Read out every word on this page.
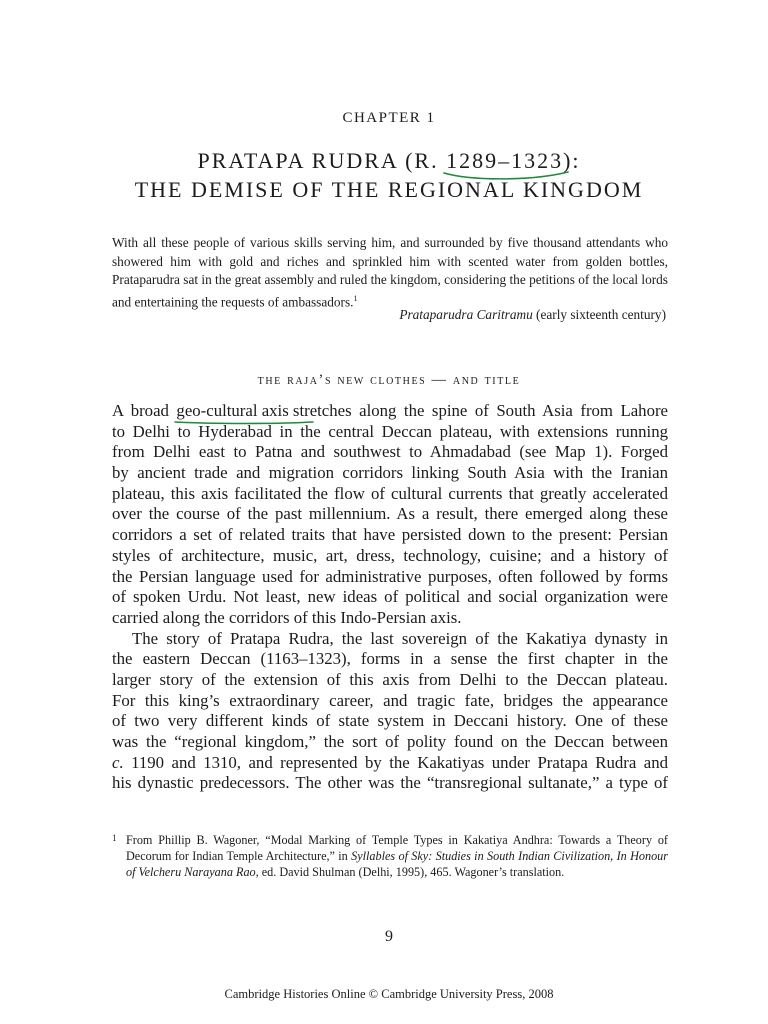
CHAPTER 1
PRATAPA RUDRA (R. 1289–1323
):
THE DEMISE OF THE REGIONAL KINGDOM
With all these people of various skills serving him, and surrounded by five thousand attendants who showered him with gold and riches and sprinkled him with scented water from golden bottles, Prataparudra sat in the great assembly and ruled the kingdom, considering the petitions of the local lords and entertaining the requests of ambassadors.$^1$
Prataparudra Caritramu (early sixteenth century)
the raja’s new clothes — and title
A broad geo-cultural axis st
retches along the spine of South Asia from Lahore
to Delhi to Hyderabad in the central Deccan plateau, with extensions running
from Delhi east to Patna and southwest to Ahmadabad (see Map 1). Forged
by ancient trade and migration corridors linking South Asia with the Iranian
plateau, this axis facilitated the flow of cultural currents that greatly accelerated
over the course of the past millennium. As a result, there emerged along these
corridors a set of related traits that have persisted down to the present: Persian
styles of architecture, music, art, dress, technology, cuisine; and a history of
the Persian language used for administrative purposes, often followed by forms
of spoken Urdu. Not least, new ideas of political and social organization were
carried along the corridors of this Indo-Persian axis.
The story of Pratapa Rudra, the last sovereign of the Kakatiya dynasty in
the eastern Deccan (1163–1323), forms in a sense the first chapter in the
larger story of the extension of this axis from Delhi to the Deccan plateau.
For this king’s extraordinary career, and tragic fate, bridges the appearance
of two very different kinds of state system in Deccani history. One of these
was the “regional kingdom,” the sort of polity found on the Deccan between
c. 1190 and 1310, and represented by the Kakatiyas under Pratapa Rudra and
his dynastic predecessors. The other was the “transregional sultanate,” a type of
1 From Phillip B. Wagoner, “Modal Marking of Temple Types in Kakatiya Andhra: Towards a Theory of Decorum for Indian Temple Architecture,” in Syllables of Sky: Studies in South Indian Civilization, In Honour of Velcheru Narayana Rao, ed. David Shulman (Delhi, 1995), 465. Wagoner’s translation.
9
Cambridge Histories Online © Cambridge University Press, 2008
